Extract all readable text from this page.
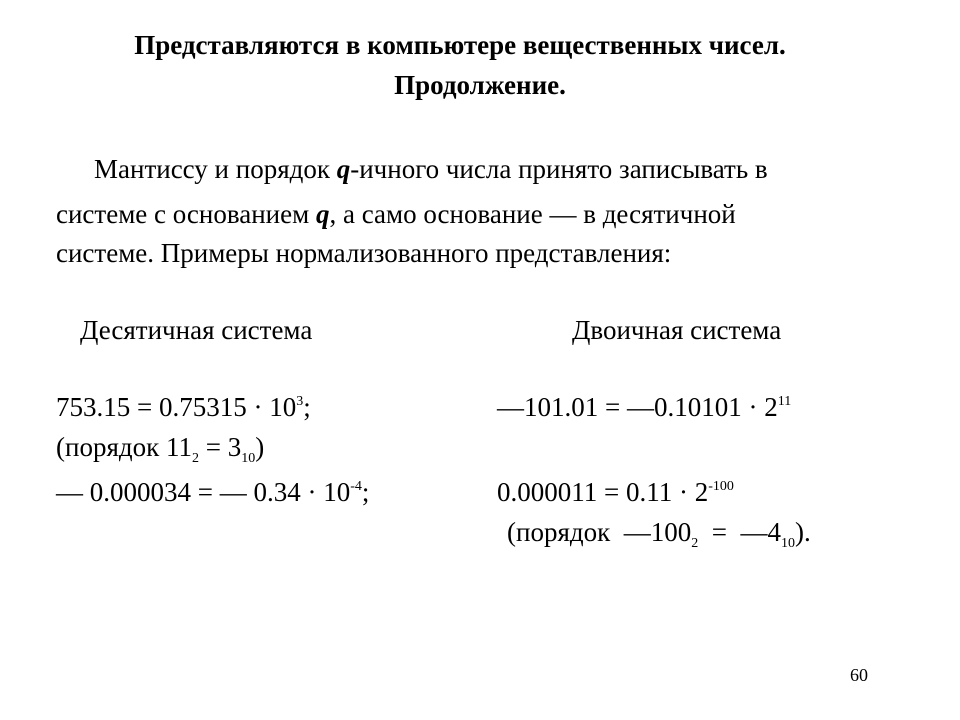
Представляются в компьютере вещественных чисел.
Продолжение.
Мантиссу и порядок q-ичного числа принято записывать в
системе с основанием q, а само основание — в десятичной
системе. Примеры нормализованного представления:
Десятичная система	Двоичная система
$753.15 = 0.75315 \cdot 10^3$;
(порядок $11_2 = 3_{10}$)
— 0.000034 = — $0.34 \cdot 10^{-4}$;
—101.01 = —0.10101 · $2^{11}$
$0.000011 = 0.11 \cdot 2^{-100}$
(порядок  $—100_2$  =  $—4_{10}$).
60
